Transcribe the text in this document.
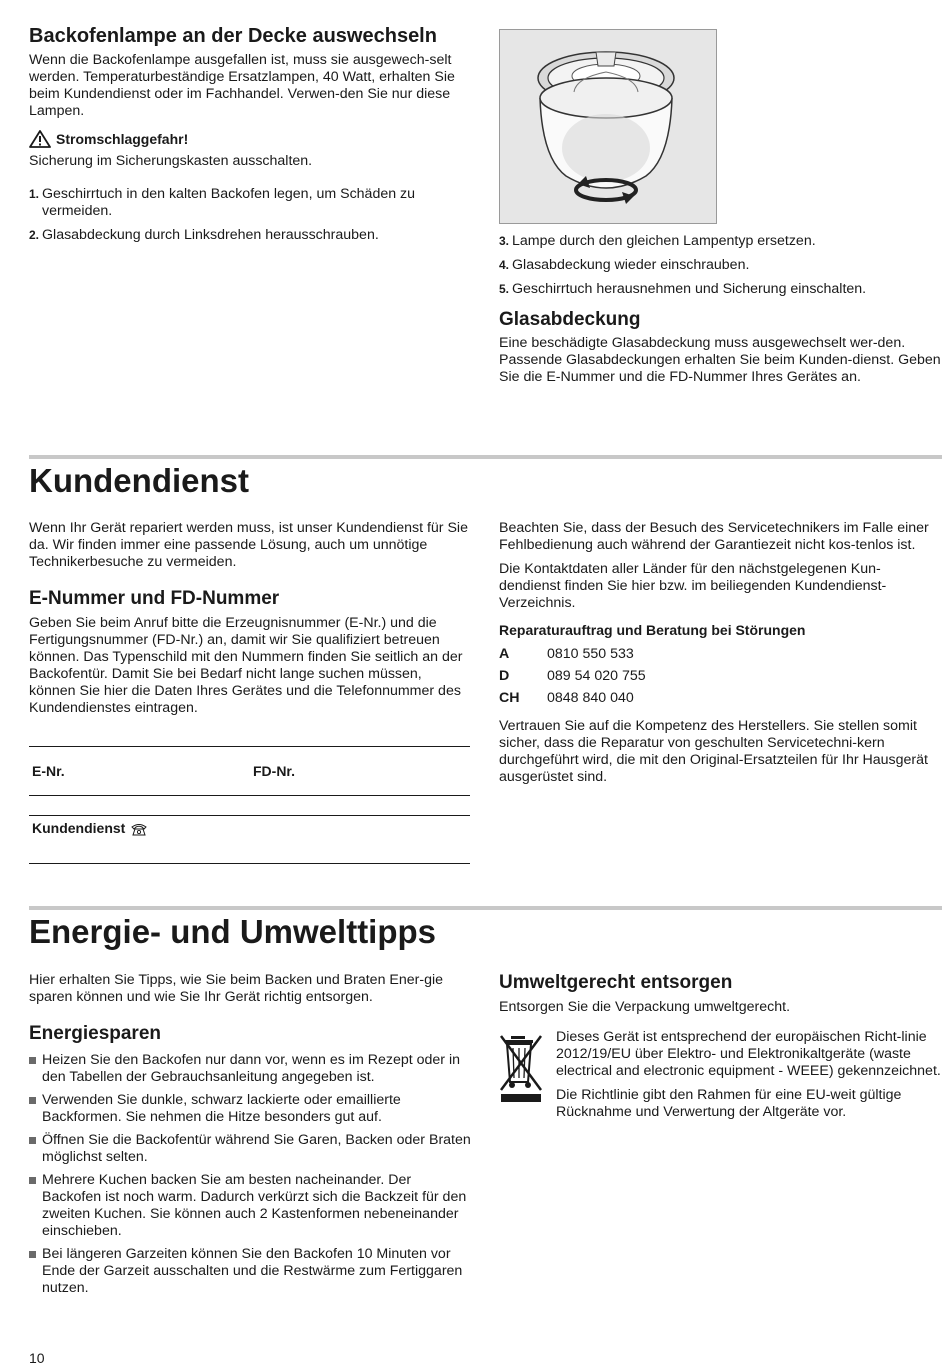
Backofenlampe an der Decke auswechseln

Wenn die Backofenlampe ausgefallen ist, muss sie ausgewech-selt werden. Temperaturbeständige Ersatzlampen, 40 Watt, erhalten Sie beim Kundendienst oder im Fachhandel. Verwen-den Sie nur diese Lampen.

Stromschlaggefahr!

Sicherung im Sicherungskasten ausschalten.

1. Geschirrtuch in den kalten Backofen legen, um Schäden zu vermeiden.
2. Glasabdeckung durch Linksdrehen herausschrauben.	3. Lampe durch den gleichen Lampentyp ersetzen.
4. Glasabdeckung wieder einschrauben.
5. Geschirrtuch herausnehmen und Sicherung einschalten.
Glasabdeckung

Eine beschädigte Glasabdeckung muss ausgewechselt wer-den. Passende Glasabdeckungen erhalten Sie beim Kunden-dienst. Geben Sie die E-Nummer und die FD-Nummer Ihres Gerätes an.

Kundendienst

Wenn Ihr Gerät repariert werden muss, ist unser Kundendienst für Sie da. Wir finden immer eine passende Lösung, auch um unnötige Technikerbesuche zu vermeiden.

E-Nummer und FD-Nummer

Geben Sie beim Anruf bitte die Erzeugnisnummer (E-Nr.) und die Fertigungsnummer (FD-Nr.) an, damit wir Sie qualifiziert betreuen können. Das Typenschild mit den Nummern finden Sie seitlich an der Backofentür. Damit Sie bei Bedarf nicht lange suchen müssen, können Sie hier die Daten Ihres Gerätes und die Telefonnummer des Kundendienstes eintragen.

E-Nr.	FD-Nr.
Kundendienst

Beachten Sie, dass der Besuch des Servicetechnikers im Falle einer Fehlbedienung auch während der Garantiezeit nicht kos-tenlos ist.

Die Kontaktdaten aller Länder für den nächstgelegenen Kun-dendienst finden Sie hier bzw. im beiliegenden Kundendienst-Verzeichnis.

Reparaturauftrag und Beratung bei Störungen
A	0810 550 533
D	089 54 020 755
CH	0848 840 040

Vertrauen Sie auf die Kompetenz des Herstellers. Sie stellen somit sicher, dass die Reparatur von geschulten Servicetechni-kern durchgeführt wird, die mit den Original-Ersatzteilen für Ihr Hausgerät ausgerüstet sind.

Energie- und Umwelttipps

Hier erhalten Sie Tipps, wie Sie beim Backen und Braten Ener-gie sparen können und wie Sie Ihr Gerät richtig entsorgen.

Energiesparen
Heizen Sie den Backofen nur dann vor, wenn es im Rezept oder in den Tabellen der Gebrauchsanleitung angegeben ist.
Verwenden Sie dunkle, schwarz lackierte oder emaillierte Backformen. Sie nehmen die Hitze besonders gut auf.
Öffnen Sie die Backofentür während Sie Garen, Backen oder Braten möglichst selten.
Mehrere Kuchen backen Sie am besten nacheinander. Der Backofen ist noch warm. Dadurch verkürzt sich die Backzeit für den zweiten Kuchen. Sie können auch 2 Kastenformen nebeneinander einschieben.
Bei längeren Garzeiten können Sie den Backofen 10 Minuten vor Ende der Garzeit ausschalten und die Restwärme zum Fertiggaren nutzen.
Umweltgerecht entsorgen

Entsorgen Sie die Verpackung umweltgerecht.

Dieses Gerät ist entsprechend der europäischen Richt-linie 2012/19/EU über Elektro- und Elektronikaltgeräte (waste electrical and electronic equipment - WEEE) gekennzeichnet.

Die Richtlinie gibt den Rahmen für eine EU-weit gültige Rücknahme und Verwertung der Altgeräte vor.

10
